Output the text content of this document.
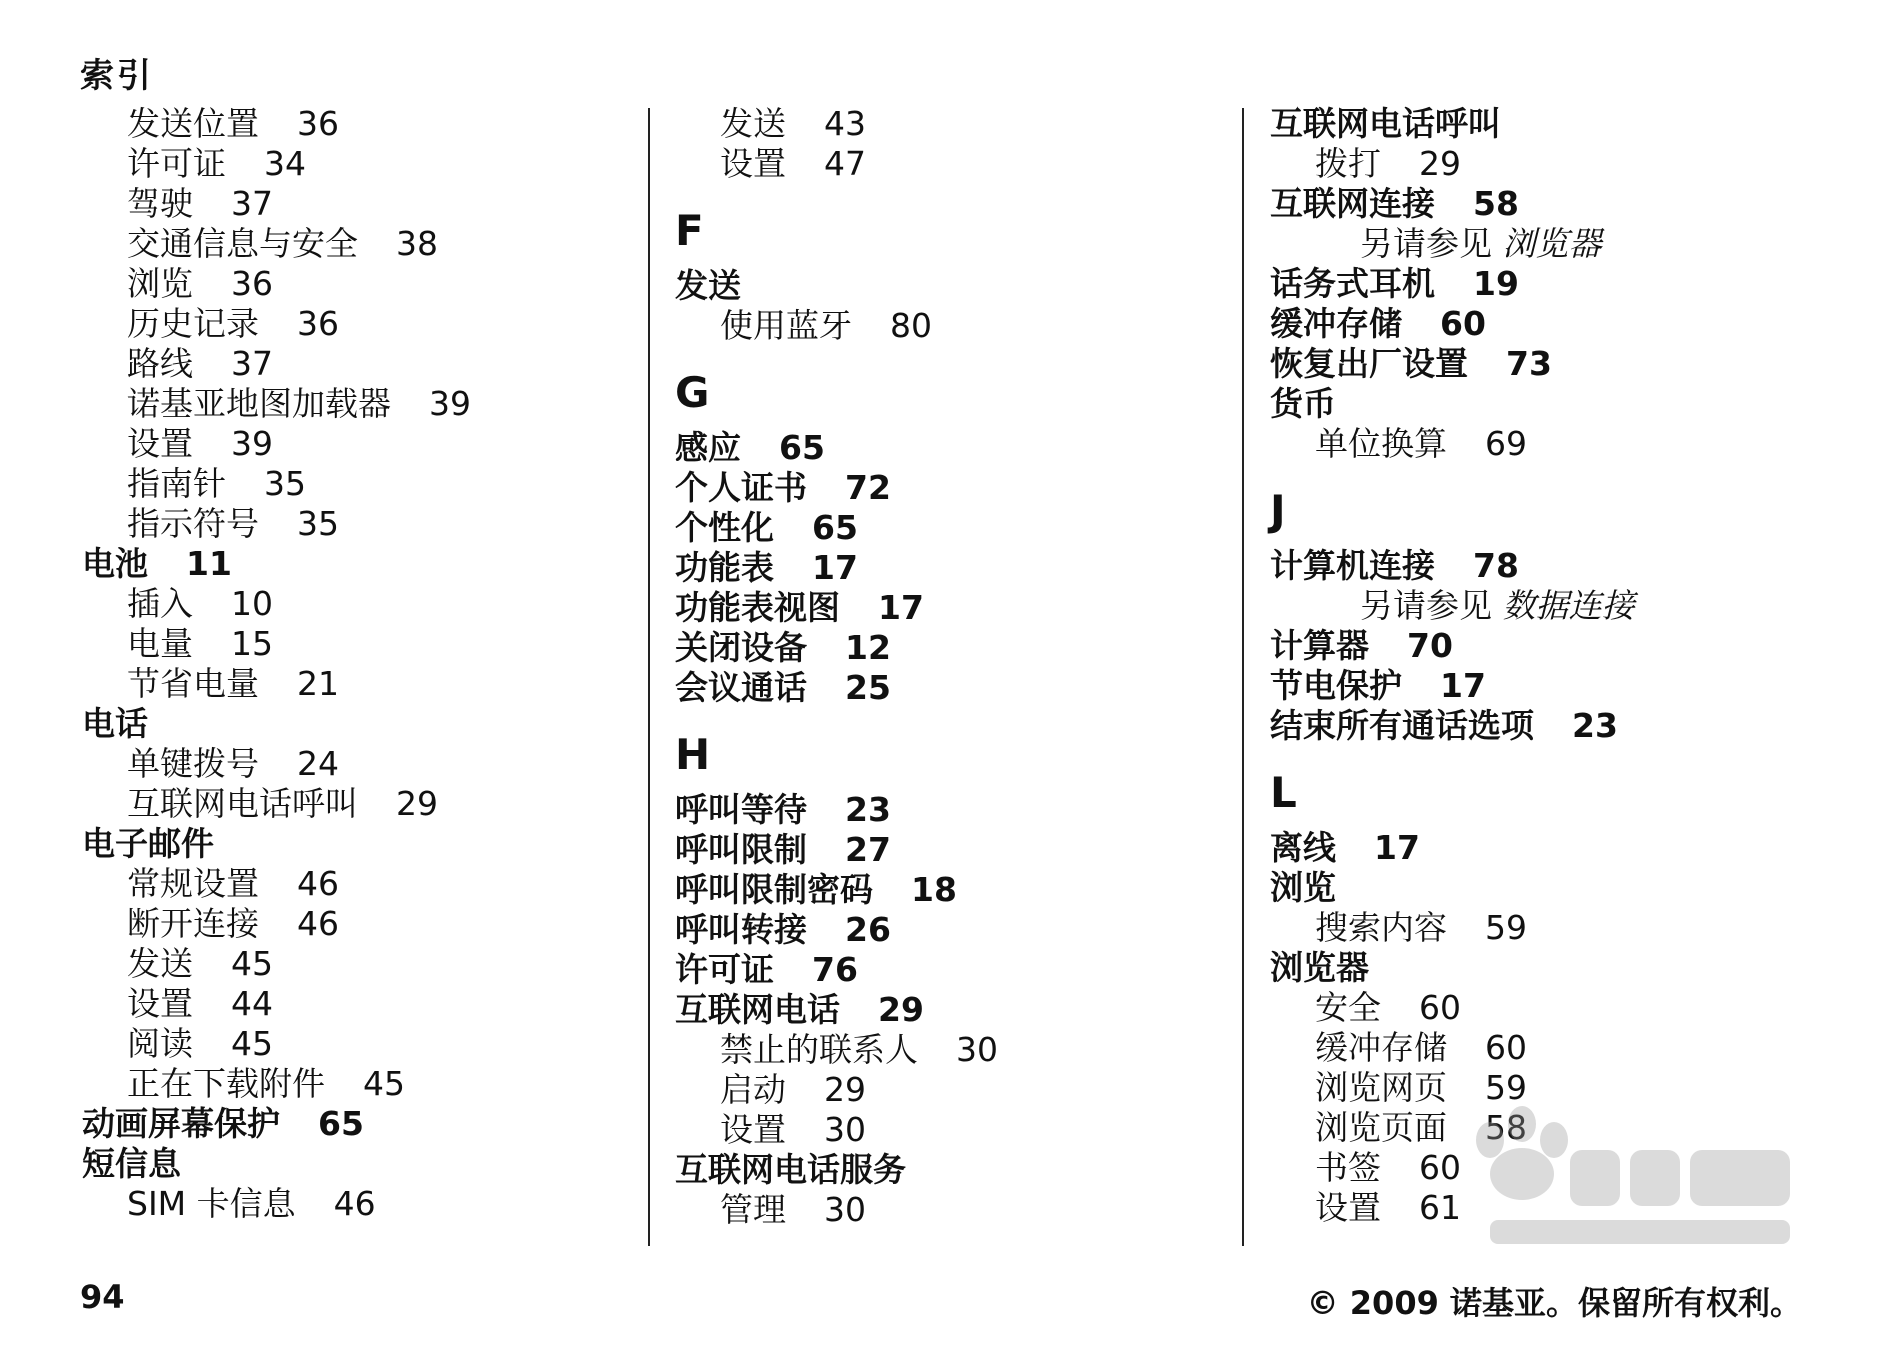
索引
发送位置 36
许可证 34
驾驶 37
交通信息与安全 38
浏览 36
历史记录 36
路线 37
诺基亚地图加载器 39
设置 39
指南针 35
指示符号 35
电池 11
插入 10
电量 15
节省电量 21
电话
单键拨号 24
互联网电话呼叫 29
电子邮件
常规设置 46
断开连接 46
发送 45
设置 44
阅读 45
正在下载附件 45
动画屏幕保护 65
短信息
SIM 卡信息 46
发送 43
设置 47
F
发送
使用蓝牙 80
G
感应 65
个人证书 72
个性化 65
功能表 17
功能表视图 17
关闭设备 12
会议通话 25
H
呼叫等待 23
呼叫限制 27
呼叫限制密码 18
呼叫转接 26
许可证 76
互联网电话 29
禁止的联系人 30
启动 29
设置 30
互联网电话服务
管理 30
互联网电话呼叫
拨打 29
互联网连接 58
另请参见 浏览器
话务式耳机 19
缓冲存储 60
恢复出厂设置 73
货币
单位换算 69
J
计算机连接 78
另请参见 数据连接
计算器 70
节电保护 17
结束所有通话选项 23
L
离线 17
浏览
搜索内容 59
浏览器
安全 60
缓冲存储 60
浏览网页 59
浏览页面 58
书签 60
设置 61
94	© 2009 诺基亚。保留所有权利。
